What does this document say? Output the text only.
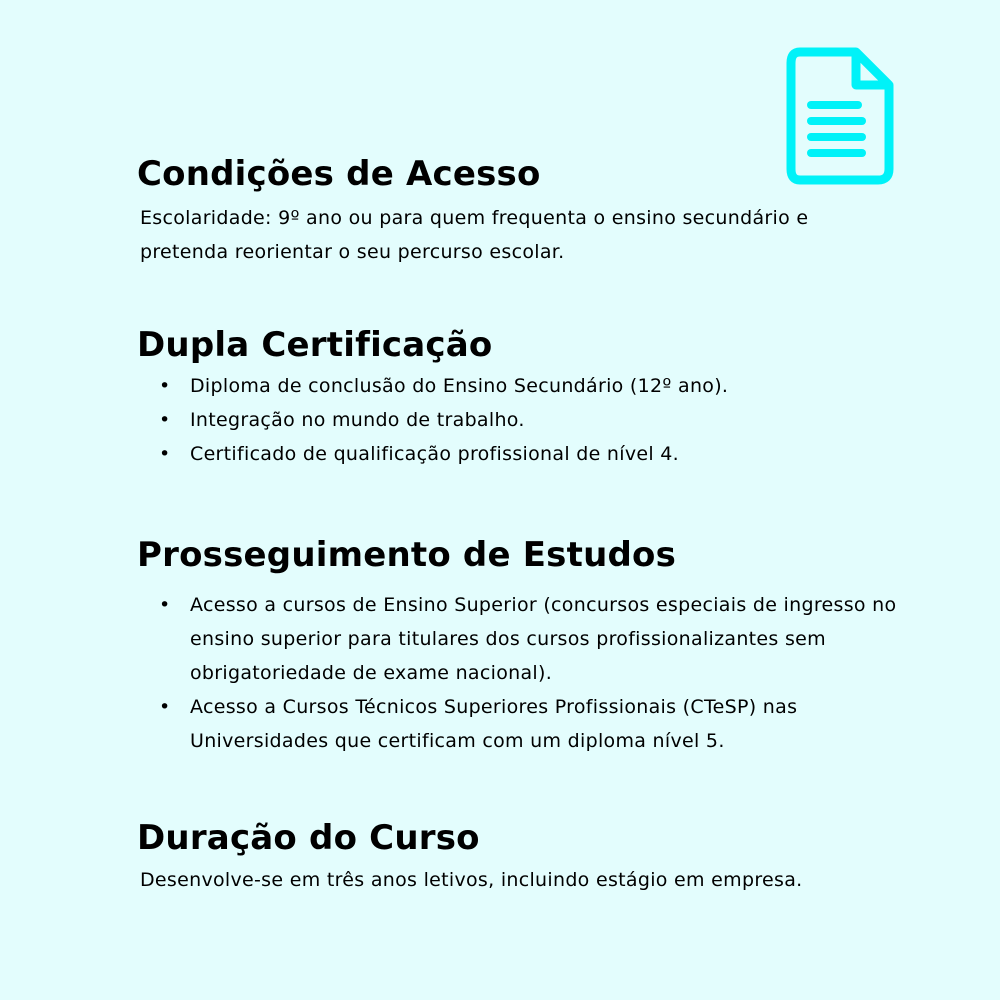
Condições de Acesso

Escolaridade: 9º ano ou para quem frequenta o ensino secundário e
pretenda reorientar o seu percurso escolar.

Dupla Certificação
• Diploma de conclusão do Ensino Secundário (12º ano).
• Integração no mundo de trabalho.
• Certificado de qualificação profissional de nível 4.
Prosseguimento de Estudos
• Acesso a cursos de Ensino Superior (concursos especiais de ingresso no ensino superior para titulares dos cursos profissionalizantes sem obrigatoriedade de exame nacional).
• Acesso a Cursos Técnicos Superiores Profissionais (CTeSP) nas Universidades que certificam com um diploma nível 5.
Duração do Curso

Desenvolve-se em três anos letivos, incluindo estágio em empresa.
